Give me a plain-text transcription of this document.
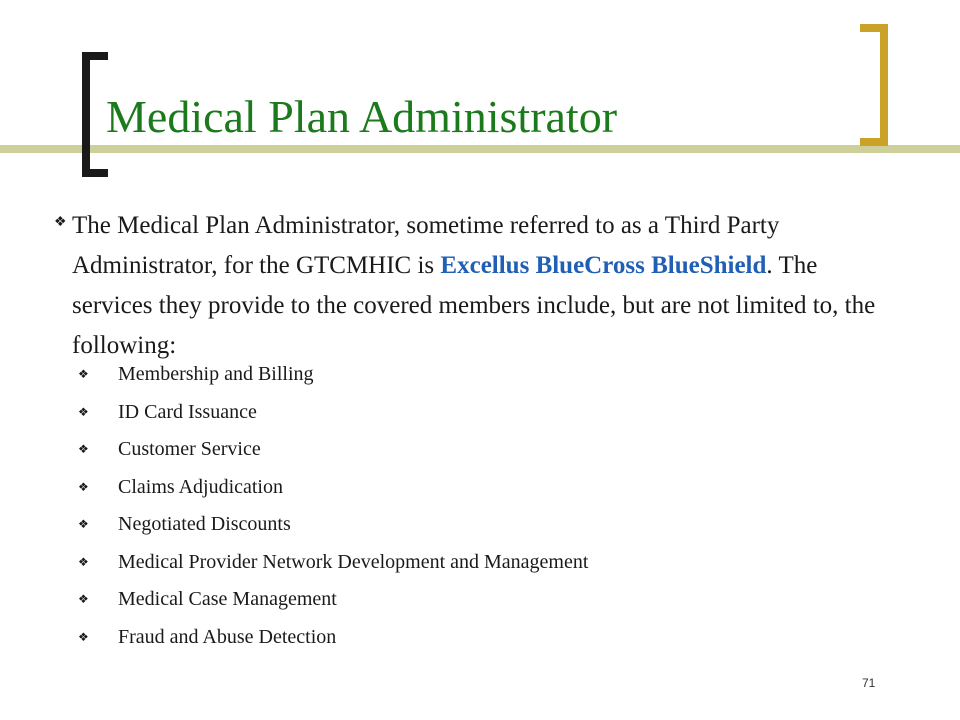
Medical Plan Administrator
❖ The Medical Plan Administrator, sometime referred to as a Third Party Administrator, for the GTCMHIC is Excellus BlueCross BlueShield. The services they provide to the covered members include, but are not limited to, the following:
❖	Membership and Billing
❖	ID Card Issuance
❖	Customer Service
❖	Claims Adjudication
❖	Negotiated Discounts
❖	Medical Provider Network Development and Management
❖	Medical Case Management
❖	Fraud and Abuse Detection
71
